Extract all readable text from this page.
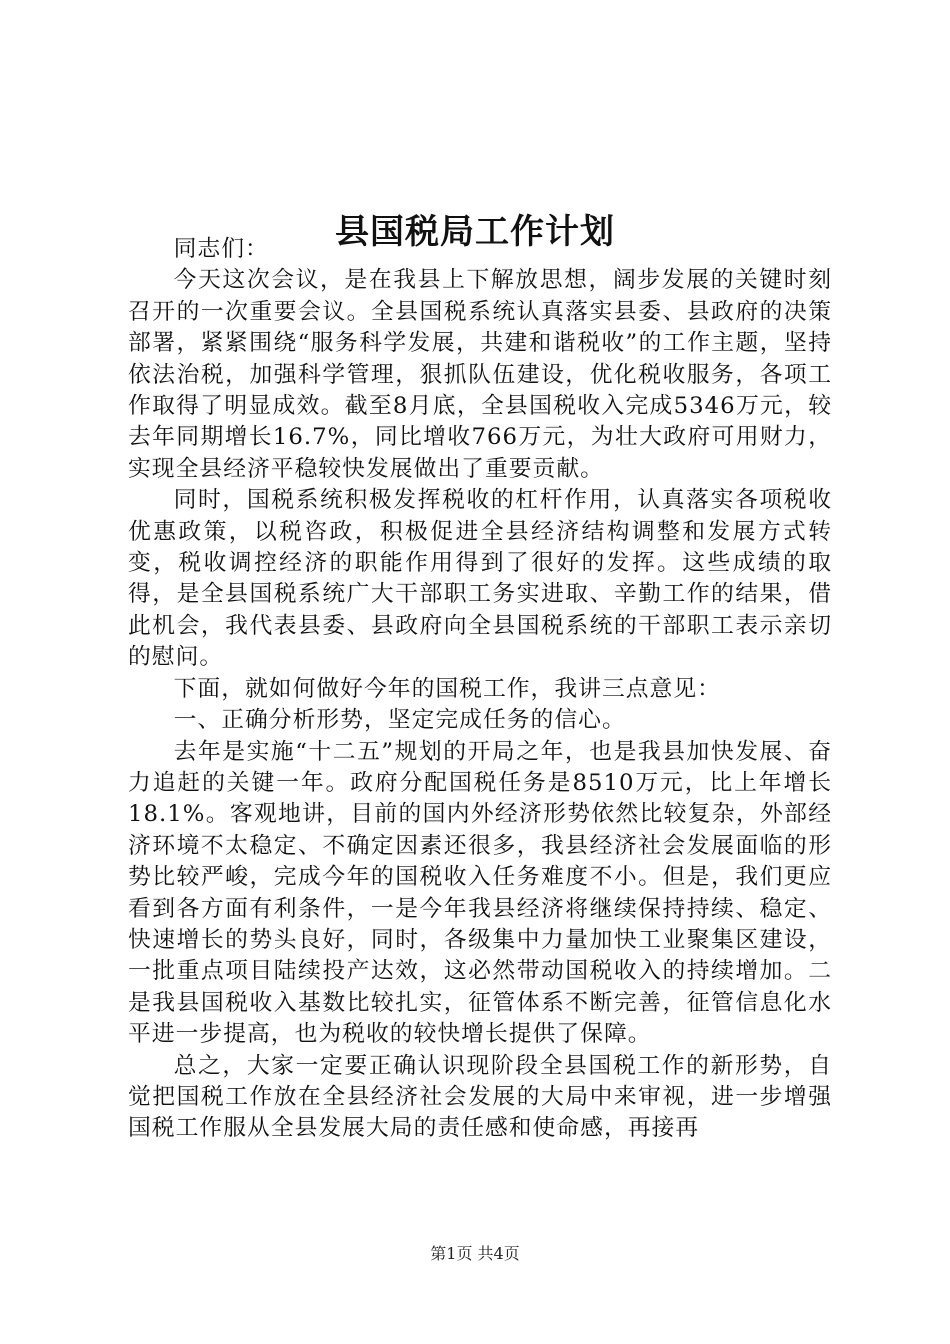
县国税局工作计划

同志们：

今天这次会议，是在我县上下解放思想，阔步发展的关键时刻召开的一次重要会议。全县国税系统认真落实县委、县政府的决策部署，紧紧围绕“服务科学发展，共建和谐税收”的工作主题，坚持依法治税，加强科学管理，狠抓队伍建设，优化税收服务，各项工作取得了明显成效。截至8月底，全县国税收入完成5346万元，较去年同期增长16.7%，同比增收766万元，为壮大政府可用财力，实现全县经济平稳较快发展做出了重要贡献。

同时，国税系统积极发挥税收的杠杆作用，认真落实各项税收优惠政策，以税咨政，积极促进全县经济结构调整和发展方式转变，税收调控经济的职能作用得到了很好的发挥。这些成绩的取得，是全县国税系统广大干部职工务实进取、辛勤工作的结果，借此机会，我代表县委、县政府向全县国税系统的干部职工表示亲切的慰问。

下面，就如何做好今年的国税工作，我讲三点意见：

一、正确分析形势，坚定完成任务的信心。

去年是实施“十二五”规划的开局之年，也是我县加快发展、奋力追赶的关键一年。政府分配国税任务是8510万元，比上年增长18.1%。客观地讲，目前的国内外经济形势依然比较复杂，外部经济环境不太稳定、不确定因素还很多，我县经济社会发展面临的形势比较严峻，完成今年的国税收入任务难度不小。但是，我们更应看到各方面有利条件，一是今年我县经济将继续保持持续、稳定、快速增长的势头良好，同时，各级集中力量加快工业聚集区建设，一批重点项目陆续投产达效，这必然带动国税收入的持续增加。二是我县国税收入基数比较扎实，征管体系不断完善，征管信息化水平进一步提高，也为税收的较快增长提供了保障。

总之，大家一定要正确认识现阶段全县国税工作的新形势，自觉把国税工作放在全县经济社会发展的大局中来审视，进一步增强国税工作服从全县发展大局的责任感和使命感，再接再

第1页 共4页
